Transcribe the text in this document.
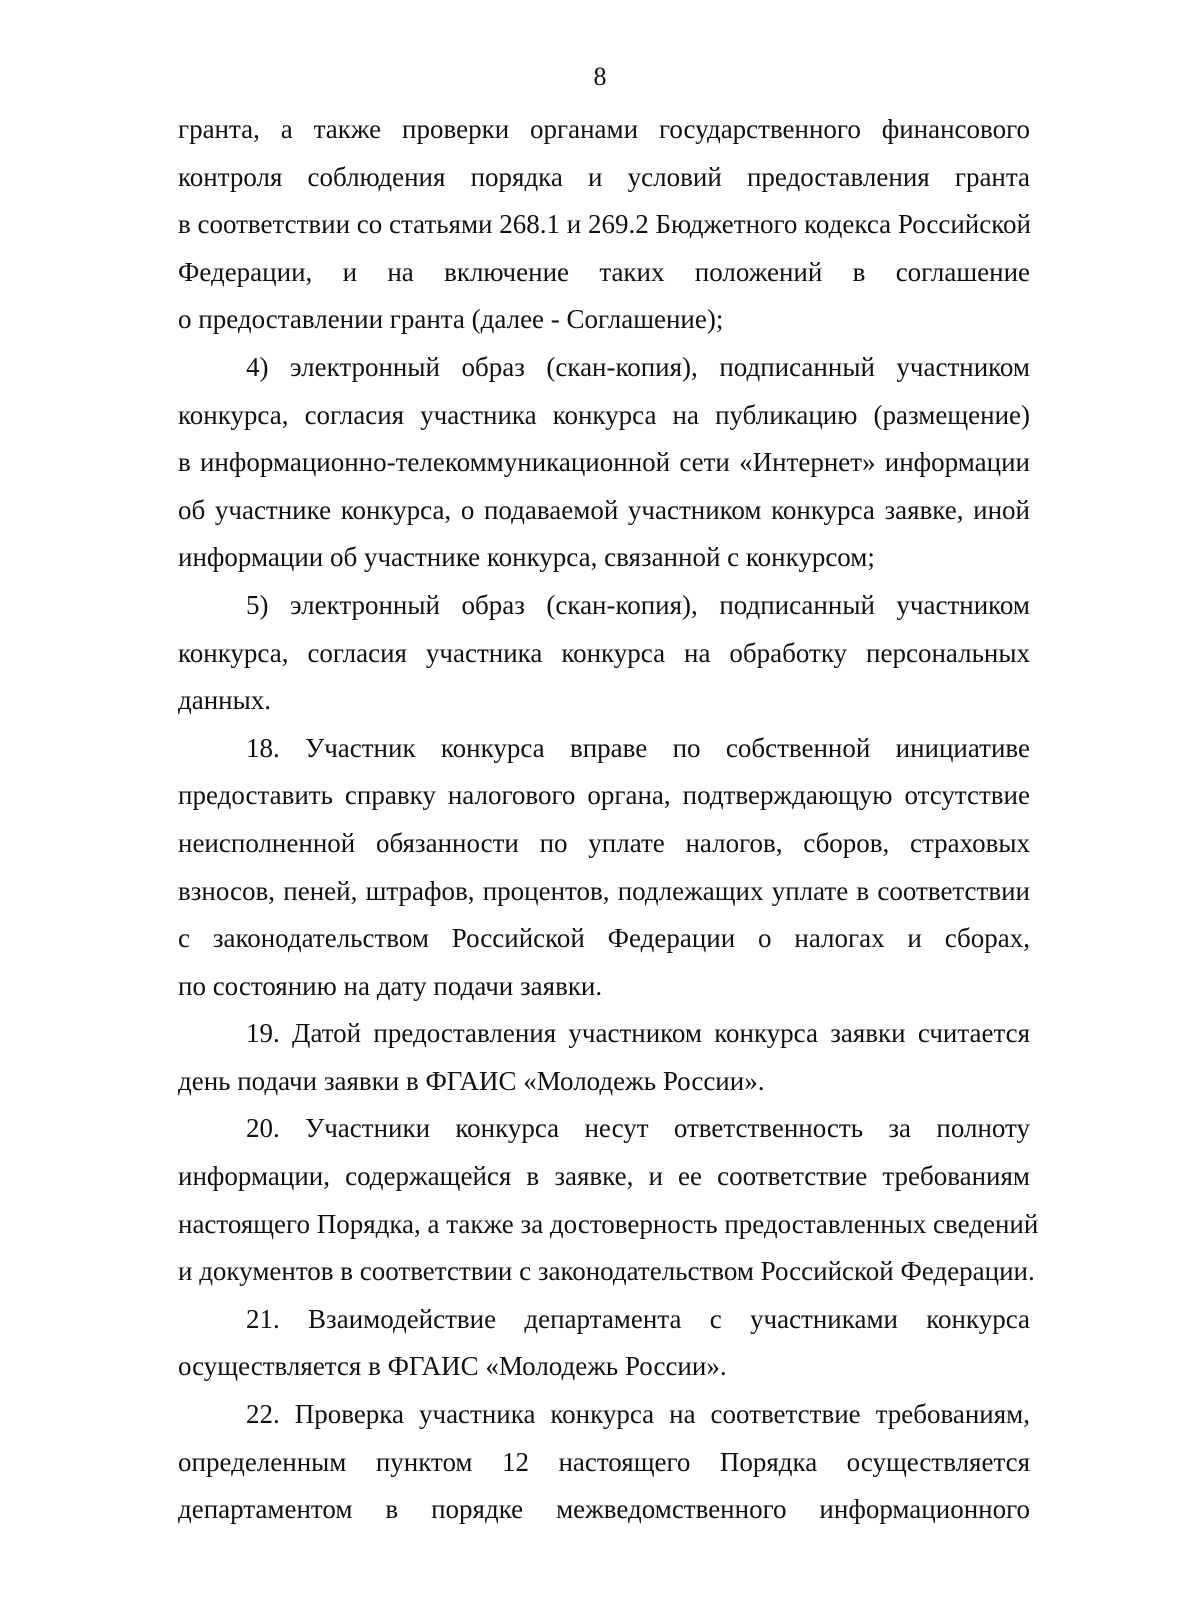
8
гранта, а также проверки органами государственного финансового
контроля соблюдения порядка и условий предоставления гранта
в соответствии со статьями 268.1 и 269.2 Бюджетного кодекса Российской
Федерации, и на включение таких положений в соглашение
о предоставлении гранта (далее - Соглашение);
4) электронный образ (скан-копия), подписанный участником
конкурса, согласия участника конкурса на публикацию (размещение)
в информационно-телекоммуникационной сети «Интернет» информации
об участнике конкурса, о подаваемой участником конкурса заявке, иной
информации об участнике конкурса, связанной с конкурсом;
5) электронный образ (скан-копия), подписанный участником
конкурса, согласия участника конкурса на обработку персональных
данных.
18. Участник конкурса вправе по собственной инициативе
предоставить справку налогового органа, подтверждающую отсутствие
неисполненной обязанности по уплате налогов, сборов, страховых
взносов, пеней, штрафов, процентов, подлежащих уплате в соответствии
с законодательством Российской Федерации о налогах и сборах,
по состоянию на дату подачи заявки.
19. Датой предоставления участником конкурса заявки считается
день подачи заявки в ФГАИС «Молодежь России».
20. Участники конкурса несут ответственность за полноту
информации, содержащейся в заявке, и ее соответствие требованиям
настоящего Порядка, а также за достоверность предоставленных сведений
и документов в соответствии с законодательством Российской Федерации.
21. Взаимодействие департамента с участниками конкурса
осуществляется в ФГАИС «Молодежь России».
22. Проверка участника конкурса на соответствие требованиям,
определенным пунктом 12 настоящего Порядка осуществляется
департаментом в порядке межведомственного информационного
